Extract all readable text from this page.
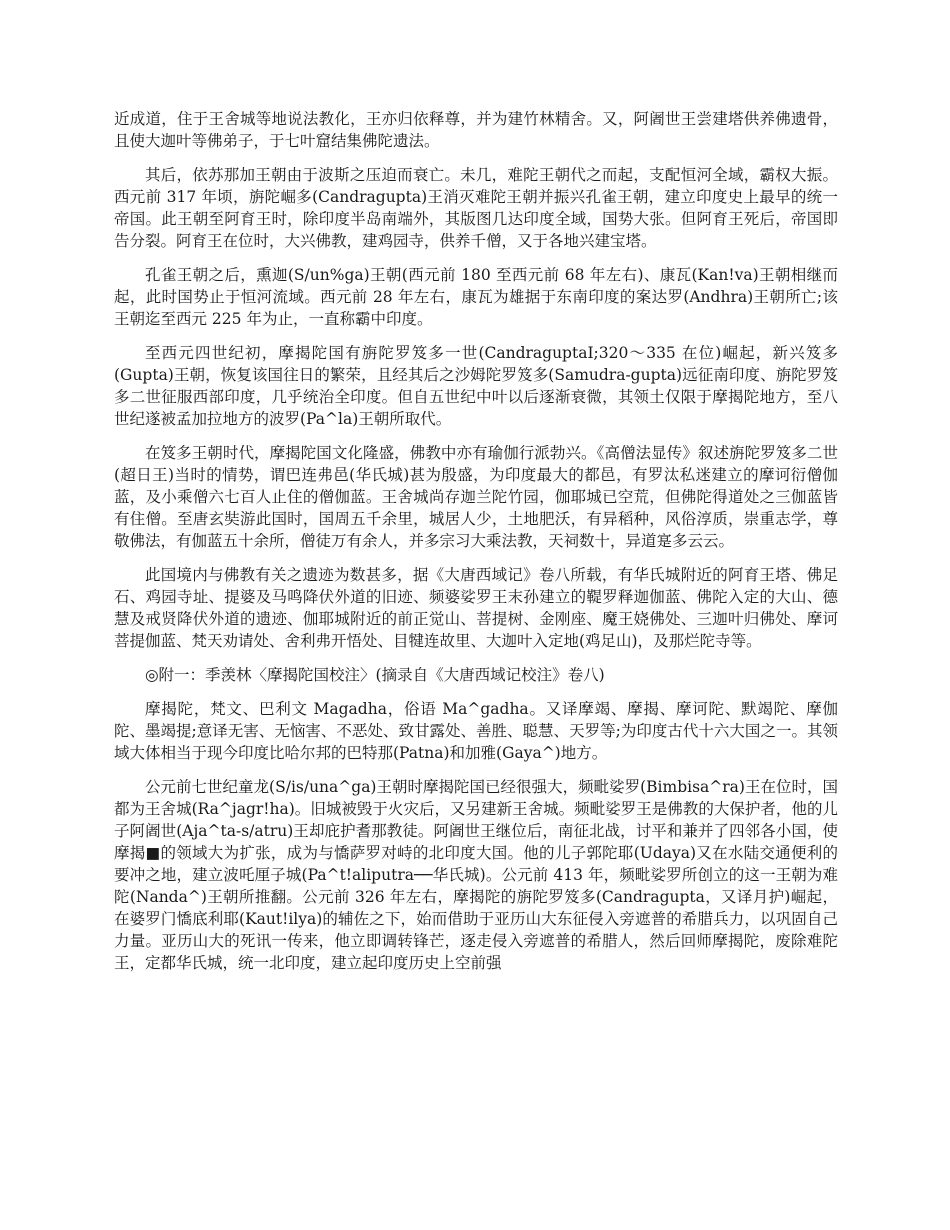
近成道，住于王舍城等地说法教化，王亦归依释尊，并为建竹林精舍。又，阿阇世王尝建塔供养佛遗骨，且使大迦叶等佛弟子，于七叶窟结集佛陀遗法。

其后，依苏那加王朝由于波斯之压迫而衰亡。未几，难陀王朝代之而起，支配恒河全域，霸权大振。西元前 317 年顷，旃陀崛多(Candragupta)王消灭难陀王朝并振兴孔雀王朝，建立印度史上最早的统一帝国。此王朝至阿育王时，除印度半岛南端外，其版图几达印度全域，国势大张。但阿育王死后，帝国即告分裂。阿育王在位时，大兴佛教，建鸡园寺，供养千僧，又于各地兴建宝塔。

孔雀王朝之后，熏迦(S/un%ga)王朝(西元前 180 至西元前 68 年左右)、康瓦(Kan!va)王朝相继而起，此时国势止于恒河流域。西元前 28 年左右，康瓦为雄据于东南印度的案达罗(Andhra)王朝所亡;该王朝迄至西元 225 年为止，一直称霸中印度。

至西元四世纪初，摩揭陀国有旃陀罗笈多一世(CandraguptaI;320～335 在位)崛起，新兴笈多(Gupta)王朝，恢复该国往日的繁荣，且经其后之沙姆陀罗笈多(Samudra-gupta)远征南印度、旃陀罗笈多二世征服西部印度，几乎统治全印度。但自五世纪中叶以后逐渐衰微，其领土仅限于摩揭陀地方，至八世纪遂被孟加拉地方的波罗(Pa^la)王朝所取代。

在笈多王朝时代，摩揭陀国文化隆盛，佛教中亦有瑜伽行派勃兴。《高僧法显传》叙述旃陀罗笈多二世(超日王)当时的情势，谓巴连弗邑(华氏城)甚为殷盛，为印度最大的都邑，有罗汰私迷建立的摩诃衍僧伽蓝，及小乘僧六七百人止住的僧伽蓝。王舍城尚存迦兰陀竹园，伽耶城已空荒，但佛陀得道处之三伽蓝皆有住僧。至唐玄奘游此国时，国周五千余里，城居人少，土地肥沃，有异稻种，风俗淳质，崇重志学，尊敬佛法，有伽蓝五十余所，僧徒万有余人，并多宗习大乘法教，天祠数十，异道寔多云云。

此国境内与佛教有关之遗迹为数甚多，据《大唐西域记》卷八所载，有华氏城附近的阿育王塔、佛足石、鸡园寺址、提婆及马鸣降伏外道的旧迹、频婆娑罗王末孙建立的鞮罗释迦伽蓝、佛陀入定的大山、德慧及戒贤降伏外道的遗迹、伽耶城附近的前正觉山、菩提树、金刚座、魔王娆佛处、三迦叶归佛处、摩诃菩提伽蓝、梵天劝请处、舍利弗开悟处、目犍连故里、大迦叶入定地(鸡足山)，及那烂陀寺等。

◎附一：季羡林〈摩揭陀国校注〉(摘录自《大唐西域记校注》卷八)

摩揭陀，梵文、巴利文 Magadha，俗语 Ma^gadha。又译摩竭、摩揭、摩诃陀、默竭陀、摩伽陀、墨竭提;意译无害、无恼害、不恶处、致甘露处、善胜、聪慧、天罗等;为印度古代十六大国之一。其领域大体相当于现今印度比哈尔邦的巴特那(Patna)和加雅(Gaya^)地方。

公元前七世纪童龙(S/is/una^ga)王朝时摩揭陀国已经很强大，频毗娑罗(Bimbisa^ra)王在位时，国都为王舍城(Ra^jagr!ha)。旧城被毁于火灾后，又另建新王舍城。频毗娑罗王是佛教的大保护者，他的儿子阿阇世(Aja^ta-s/atru)王却庇护耆那教徒。阿阇世王继位后，南征北战，讨平和兼并了四邻各小国，使摩揭■的领域大为扩张，成为与憍萨罗对峙的北印度大国。他的儿子郭陀耶(Udaya)又在水陆交通便利的要冲之地，建立波吒厘子城(Pa^t!aliputra──华氏城)。公元前 413 年，频毗娑罗所创立的这一王朝为难陀(Nanda^)王朝所推翻。公元前 326 年左右，摩揭陀的旃陀罗笈多(Candragupta，又译月护)崛起，在婆罗门憍底利耶(Kaut!ilya)的辅佐之下，始而借助于亚历山大东征侵入旁遮普的希腊兵力，以巩固自己力量。亚历山大的死讯一传来，他立即调转锋芒，逐走侵入旁遮普的希腊人，然后回师摩揭陀，废除难陀王，定都华氏城，统一北印度，建立起印度历史上空前强
